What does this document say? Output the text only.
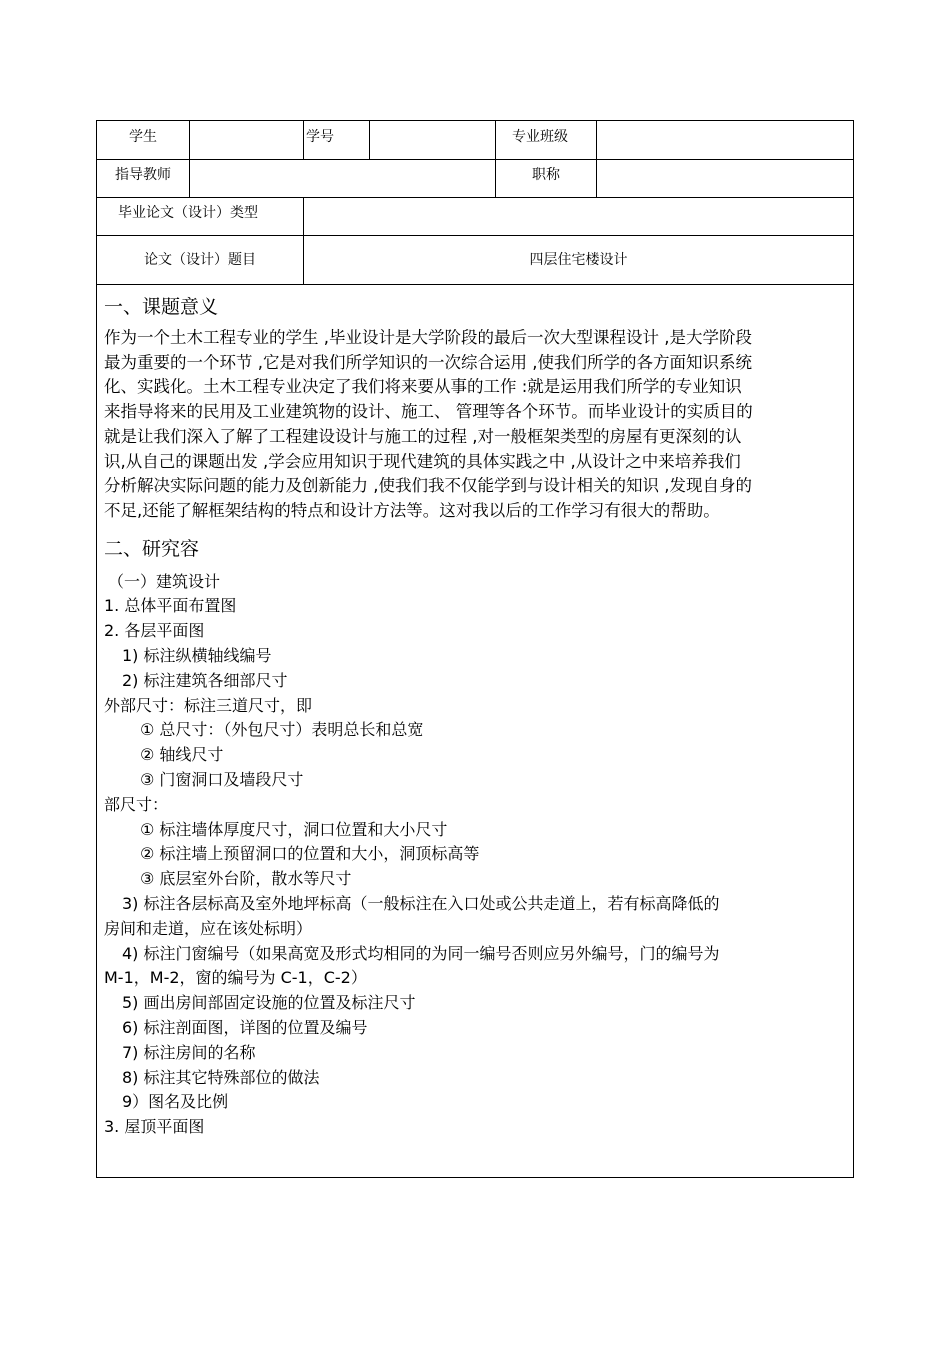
学生	学号	专业班级
指导教师	职称
毕业论文（设计）类型
论文（设计）题目	四层住宅楼设计
一、课题意义
作为一个土木工程专业的学生 ,毕业设计是大学阶段的最后一次大型课程设计 ,是大学阶段
最为重要的一个环节 ,它是对我们所学知识的一次综合运用 ,使我们所学的各方面知识系统
化、实践化。土木工程专业决定了我们将来要从事的工作 :就是运用我们所学的专业知识
来指导将来的民用及工业建筑物的设计、施工、 管理等各个环节。而毕业设计的实质目的
就是让我们深入了解了工程建设设计与施工的过程 ,对一般框架类型的房屋有更深刻的认
识,从自己的课题出发 ,学会应用知识于现代建筑的具体实践之中 ,从设计之中来培养我们
分析解决实际问题的能力及创新能力 ,使我们我不仅能学到与设计相关的知识 ,发现自身的
不足,还能了解框架结构的特点和设计方法等。这对我以后的工作学习有很大的帮助。
二、研究容
（一）建筑设计
1. 总体平面布置图
2. 各层平面图
1) 标注纵横轴线编号
2) 标注建筑各细部尺寸
外部尺寸：标注三道尺寸，即
① 总尺寸：（外包尺寸）表明总长和总宽
② 轴线尺寸
③ 门窗洞口及墙段尺寸
部尺寸：
① 标注墙体厚度尺寸，洞口位置和大小尺寸
② 标注墙上预留洞口的位置和大小，洞顶标高等
③ 底层室外台阶，散水等尺寸
3) 标注各层标高及室外地坪标高（一般标注在入口处或公共走道上，若有标高降低的
房间和走道，应在该处标明）
4) 标注门窗编号（如果高宽及形式均相同的为同一编号否则应另外编号，门的编号为
M-1，M-2，窗的编号为 C-1，C-2）
5) 画出房间部固定设施的位置及标注尺寸
6) 标注剖面图，详图的位置及编号
7) 标注房间的名称
8) 标注其它特殊部位的做法
9）图名及比例
3. 屋顶平面图
